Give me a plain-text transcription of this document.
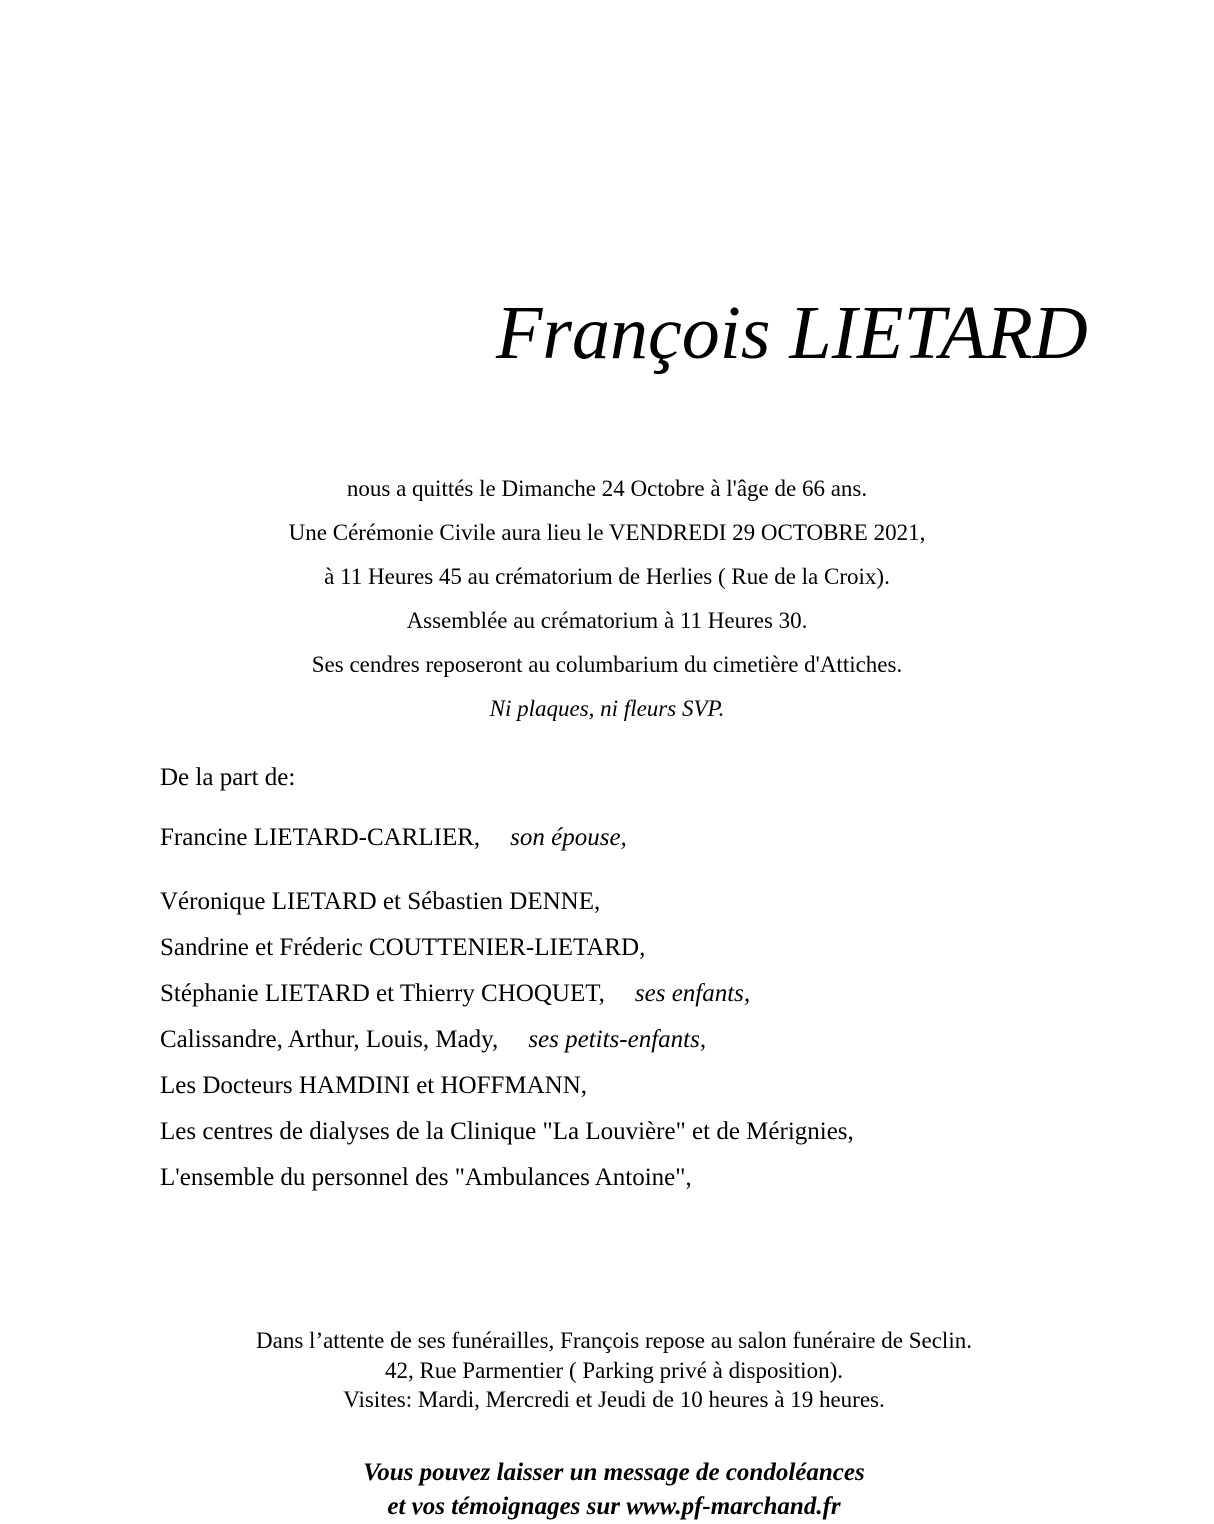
François LIETARD
nous a quittés le Dimanche 24 Octobre à l'âge de 66 ans.
Une Cérémonie Civile aura lieu le VENDREDI 29 OCTOBRE 2021,
à 11 Heures 45 au crématorium de Herlies ( Rue de la Croix).
Assemblée au crématorium à 11 Heures 30.
Ses cendres reposeront au columbarium du cimetière d'Attiches.
Ni plaques, ni fleurs SVP.
De la part de:
Francine LIETARD-CARLIER, son épouse,
Véronique LIETARD et Sébastien DENNE,
Sandrine et Fréderic COUTTENIER-LIETARD,
Stéphanie LIETARD et Thierry CHOQUET, ses enfants,
Calissandre, Arthur, Louis, Mady, ses petits-enfants,
Les Docteurs HAMDINI et HOFFMANN,
Les centres de dialyses de la Clinique "La Louvière" et de Mérignies,
L'ensemble du personnel des "Ambulances Antoine",
Dans l’attente de ses funérailles, François repose au salon funéraire de Seclin.
42, Rue Parmentier ( Parking privé à disposition).
Visites: Mardi, Mercredi et Jeudi de 10 heures à 19 heures.
Vous pouvez laisser un message de condoléances
et vos témoignages sur www.pf-marchand.fr
